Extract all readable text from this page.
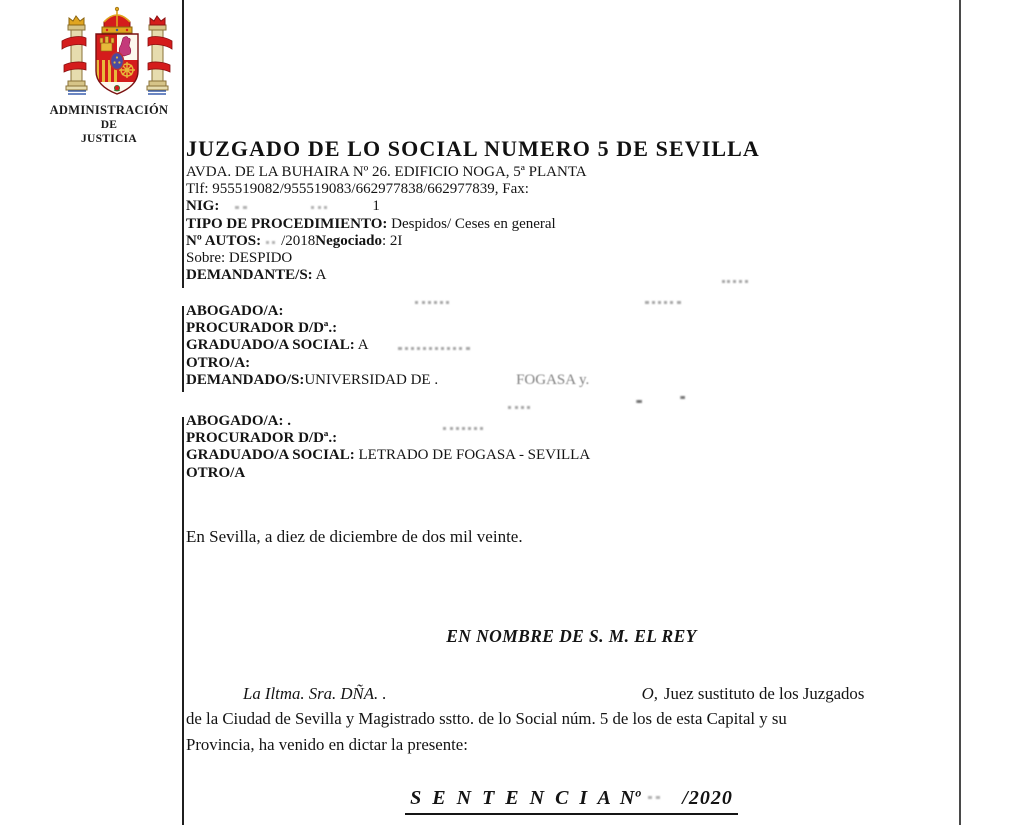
ADMINISTRACIÓN
DE
JUSTICIA	JUZGADO DE LO SOCIAL NUMERO 5 DE SEVILLA
AVDA. DE LA BUHAIRA Nº 26. EDIFICIO NOGA, 5ª PLANTA
Tlf: 955519082/955519083/662977838/662977839, Fax:
NIG:	1
TIPO DE PROCEDIMIENTO: Despidos/ Ceses en general
Nº AUTOS: /2018Negociado: 2I
Sobre: DESPIDO
DEMANDANTE/S: A
ABOGADO/A:
PROCURADOR D/Dª.:
GRADUADO/A SOCIAL: A
OTRO/A:
DEMANDADO/S:UNIVERSIDAD DE .	FOGASA y.
ABOGADO/A: .
PROCURADOR D/Dª.:
GRADUADO/A SOCIAL: LETRADO DE FOGASA - SEVILLA
OTRO/A
En Sevilla, a diez de diciembre de dos mil veinte.
EN NOMBRE DE S. M. EL REY
La Iltma. Sra. DÑA. .	O, Juez sustituto de los Juzgados
de la Ciudad de Sevilla y Magistrado sstto. de lo Social núm. 5 de los de esta Capital y su
Provincia, ha venido en dictar la presente:
S E N T E N C I A Nº /2020
